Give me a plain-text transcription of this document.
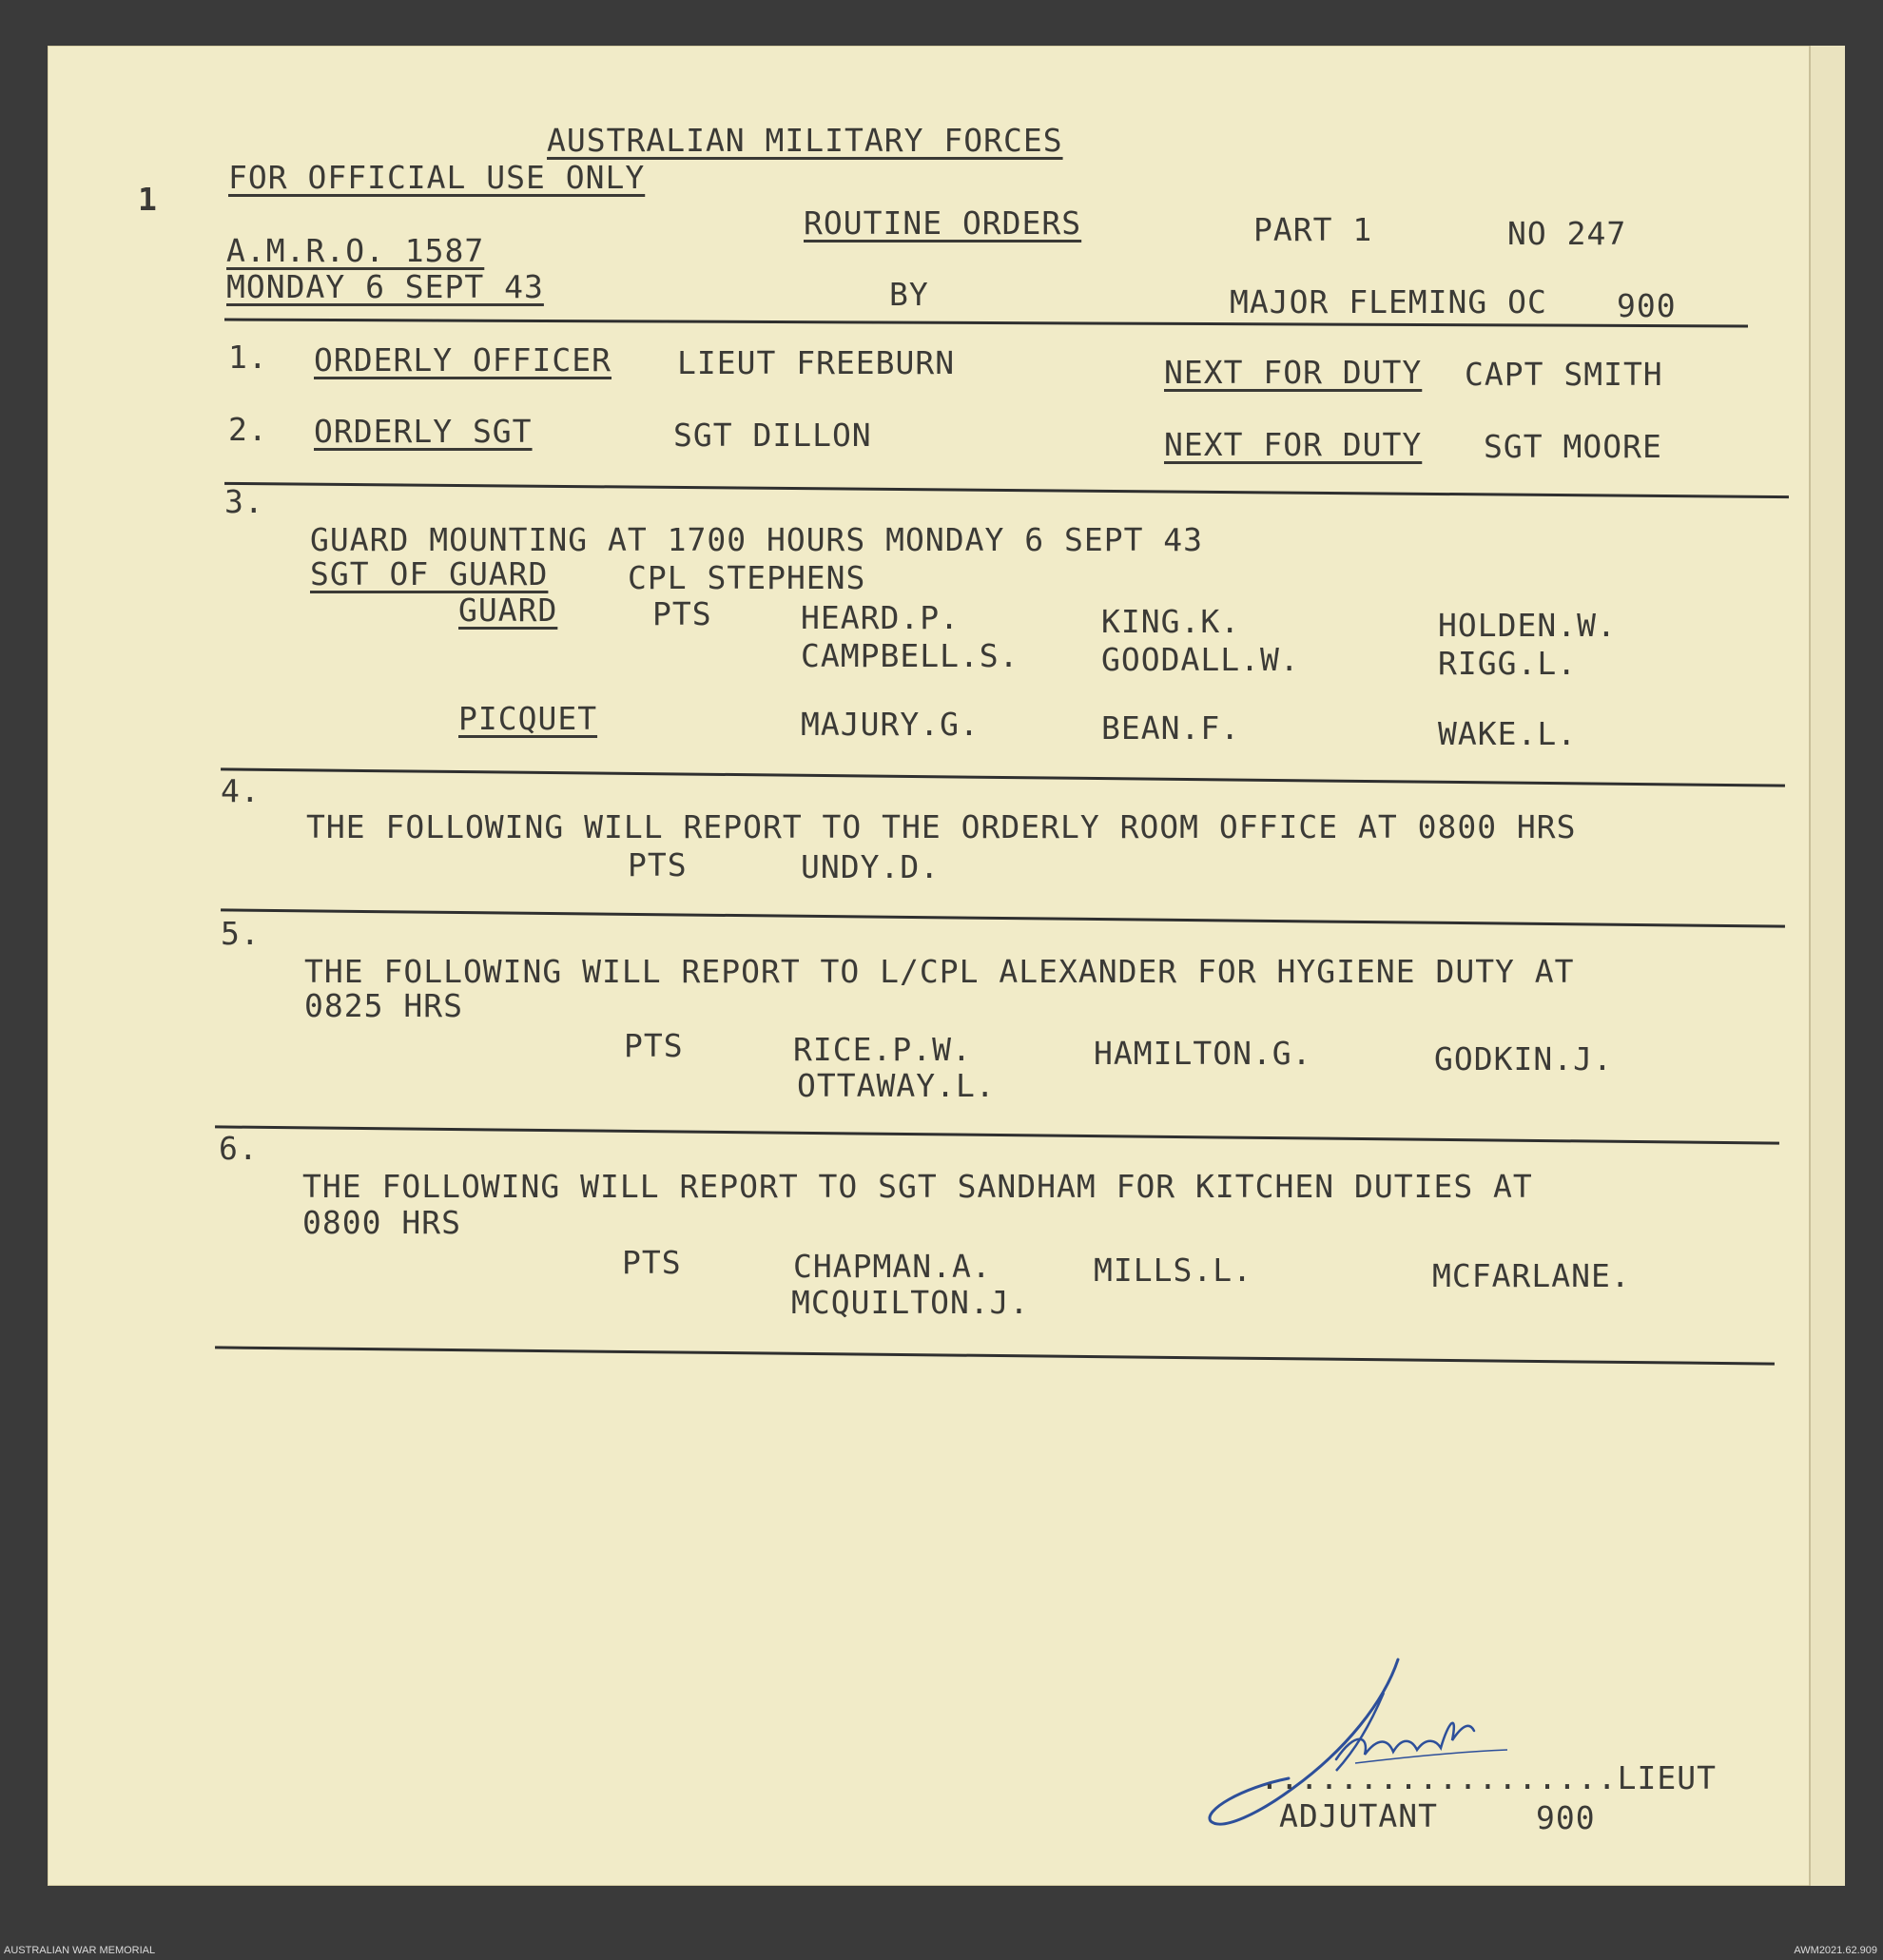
AUSTRALIAN MILITARY FORCES
FOR OFFICIAL USE ONLY
1
ROUTINE ORDERS	PART 1	NO 247
A.M.R.O. 1587
MONDAY 6 SEPT 43	BY	MAJOR FLEMING OC 900
1. ORDERLY OFFICER LIEUT FREEBURN	NEXT FOR DUTY CAPT SMITH
2. ORDERLY SGT	SGT DILLON	NEXT FOR DUTY SGT MOORE
3.
GUARD MOUNTING AT 1700 HOURS MONDAY 6 SEPT 43
SGT OF GUARD	CPL STEPHENS
GUARD	PTS	HEARD.P.	KING.K.	HOLDEN.W.
CAMPBELL.S.	GOODALL.W.	RIGG.L.
PICQUET	MAJURY.G.	BEAN.F.	WAKE.L.
4.
THE FOLLOWING WILL REPORT TO THE ORDERLY ROOM OFFICE AT 0800 HRS
PTS	UNDY.D.
5.
THE FOLLOWING WILL REPORT TO L/CPL ALEXANDER FOR HYGIENE DUTY AT
0825 HRS
PTS	RICE.P.W.	HAMILTON.G.	GODKIN.J.
OTTAWAY.L.
6.
THE FOLLOWING WILL REPORT TO SGT SANDHAM FOR KITCHEN DUTIES AT
0800 HRS
PTS	CHAPMAN.A.	MILLS.L.	MCFARLANE.
MCQUILTON.J.
..................LIEUT
ADJUTANT	900
AUSTRALIAN WAR MEMORIAL	AWM2021.62.909
